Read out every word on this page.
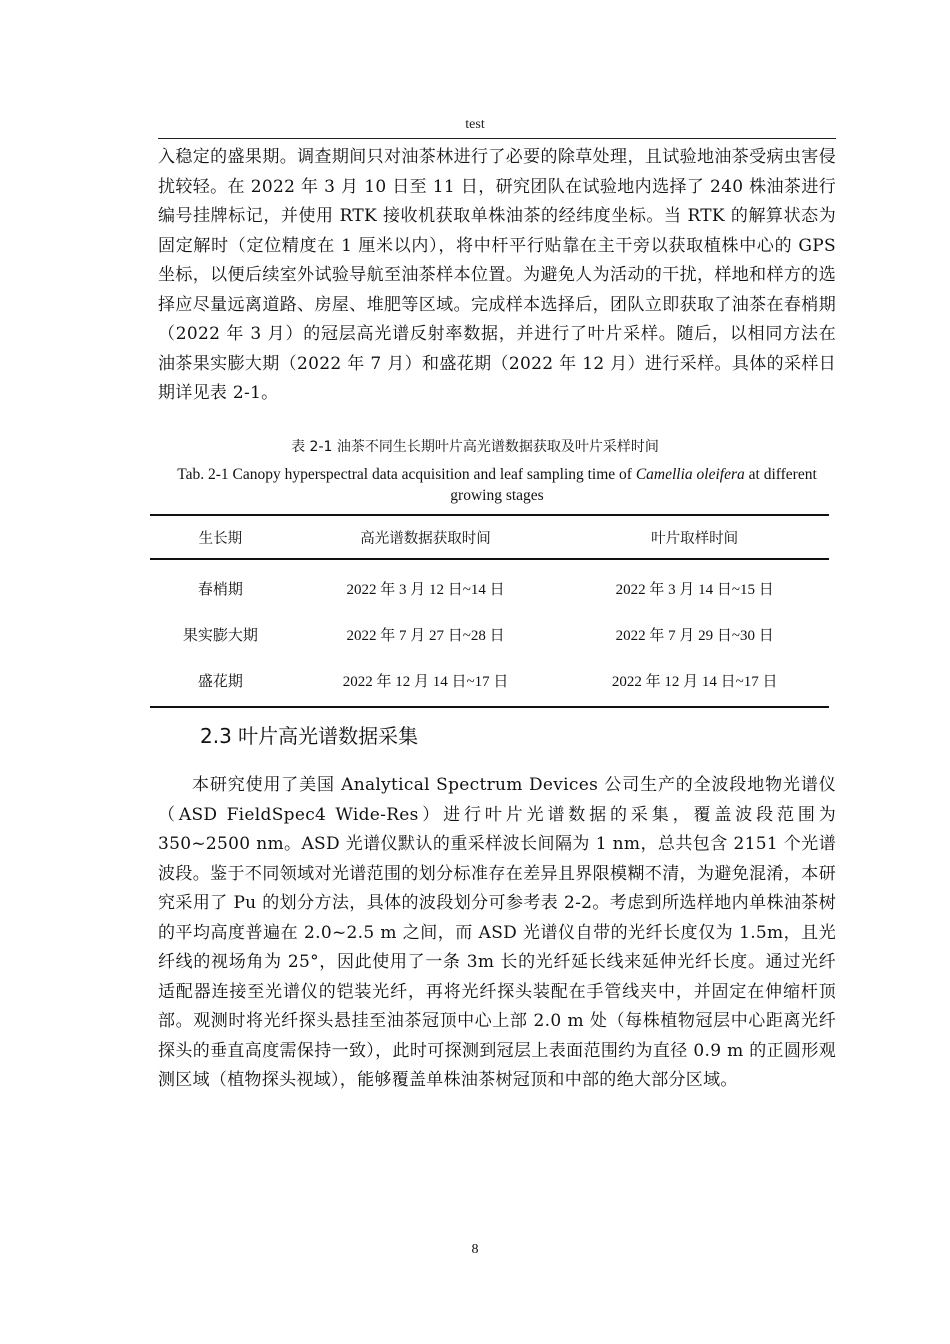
test

入稳定的盛果期。调查期间只对油茶林进行了必要的除草处理，且试验地油茶受病虫害侵扰较轻。在 2022 年 3 月 10 日至 11 日，研究团队在试验地内选择了 240 株油茶进行编号挂牌标记，并使用 RTK 接收机获取单株油茶的经纬度坐标。当 RTK 的解算状态为固定解时（定位精度在 1 厘米以内），将中杆平行贴靠在主干旁以获取植株中心的 GPS 坐标，以便后续室外试验导航至油茶样本位置。为避免人为活动的干扰，样地和样方的选择应尽量远离道路、房屋、堆肥等区域。完成样本选择后，团队立即获取了油茶在春梢期（2022 年 3 月）的冠层高光谱反射率数据，并进行了叶片采样。随后，以相同方法在油茶果实膨大期（2022 年 7 月）和盛花期（2022 年 12 月）进行采样。具体的采样日期详见表 2-1。

表 2-1 油茶不同生长期叶片高光谱数据获取及叶片采样时间
Tab. 2-1 Canopy hyperspectral data acquisition and leaf sampling time of Camellia oleifera at different growing stages
生长期	高光谱数据获取时间	叶片取样时间
春梢期	2022 年 3 月 12 日~14 日	2022 年 3 月 14 日~15 日
果实膨大期	2022 年 7 月 27 日~28 日	2022 年 7 月 29 日~30 日
盛花期	2022 年 12 月 14 日~17 日	2022 年 12 月 14 日~17 日
2.3 叶片高光谱数据采集

本研究使用了美国 Analytical Spectrum Devices 公司生产的全波段地物光谱仪（ASD FieldSpec4 Wide-Res）进行叶片光谱数据的采集，覆盖波段范围为 350~2500 nm。ASD 光谱仪默认的重采样波长间隔为 1 nm，总共包含 2151 个光谱波段。鉴于不同领域对光谱范围的划分标准存在差异且界限模糊不清，为避免混淆，本研究采用了 Pu 的划分方法，具体的波段划分可参考表 2-2。考虑到所选样地内单株油茶树的平均高度普遍在 2.0~2.5 m 之间，而 ASD 光谱仪自带的光纤长度仅为 1.5m，且光纤线的视场角为 25°，因此使用了一条 3m 长的光纤延长线来延伸光纤长度。通过光纤适配器连接至光谱仪的铠装光纤，再将光纤探头装配在手管线夹中，并固定在伸缩杆顶部。观测时将光纤探头悬挂至油茶冠顶中心上部 2.0 m 处（每株植物冠层中心距离光纤探头的垂直高度需保持一致），此时可探测到冠层上表面范围约为直径 0.9 m 的正圆形观测区域（植物探头视域），能够覆盖单株油茶树冠顶和中部的绝大部分区域。

8
